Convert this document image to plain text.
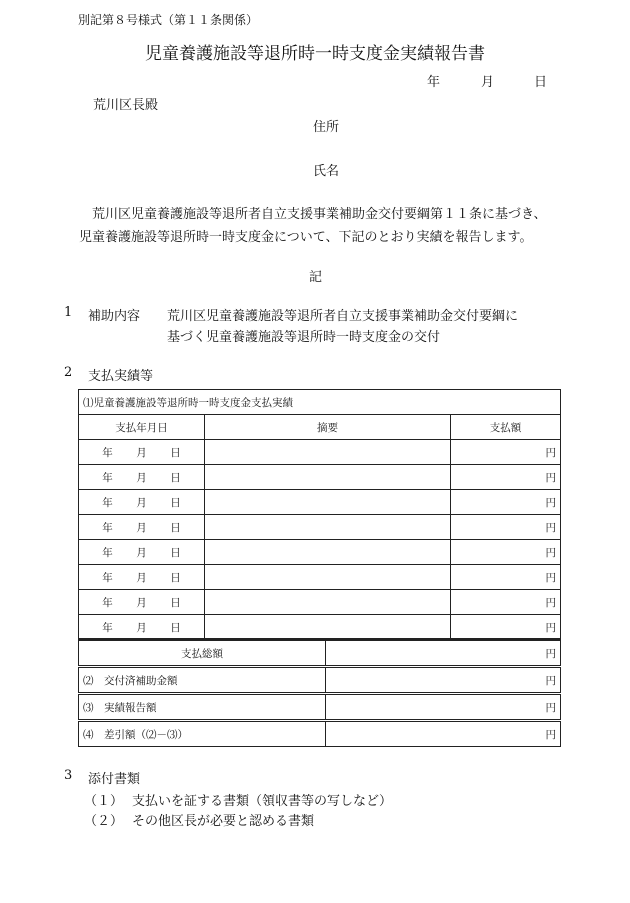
別記第８号様式（第１１条関係）
児童養護施設等退所時一時支度金実績報告書
年	月	日
荒川区長殿
住所
氏名
荒川区児童養護施設等退所者自立支援事業補助金交付要綱第１１条に基づき、
児童養護施設等退所時一時支度金について、下記のとおり実績を報告します。
記
1 補助内容 荒川区児童養護施設等退所者自立支援事業補助金交付要綱に
基づく児童養護施設等退所時一時支度金の交付
2 支払実績等
⑴児童養護施設等退所時一時支度金支払実績		
支払年月日	摘要	支払額
年 月 日		円
年 月 日		円
年 月 日		円
年 月 日		円
年 月 日		円
年 月 日		円
年 月 日		円
年 月 日		円
支払総額	円
⑵　交付済補助金額	円
⑶　実績報告額	円
⑷　差引額（⑵－⑶）	円
3 添付書類
（１） 支払いを証する書類（領収書等の写しなど）
（２） その他区長が必要と認める書類
